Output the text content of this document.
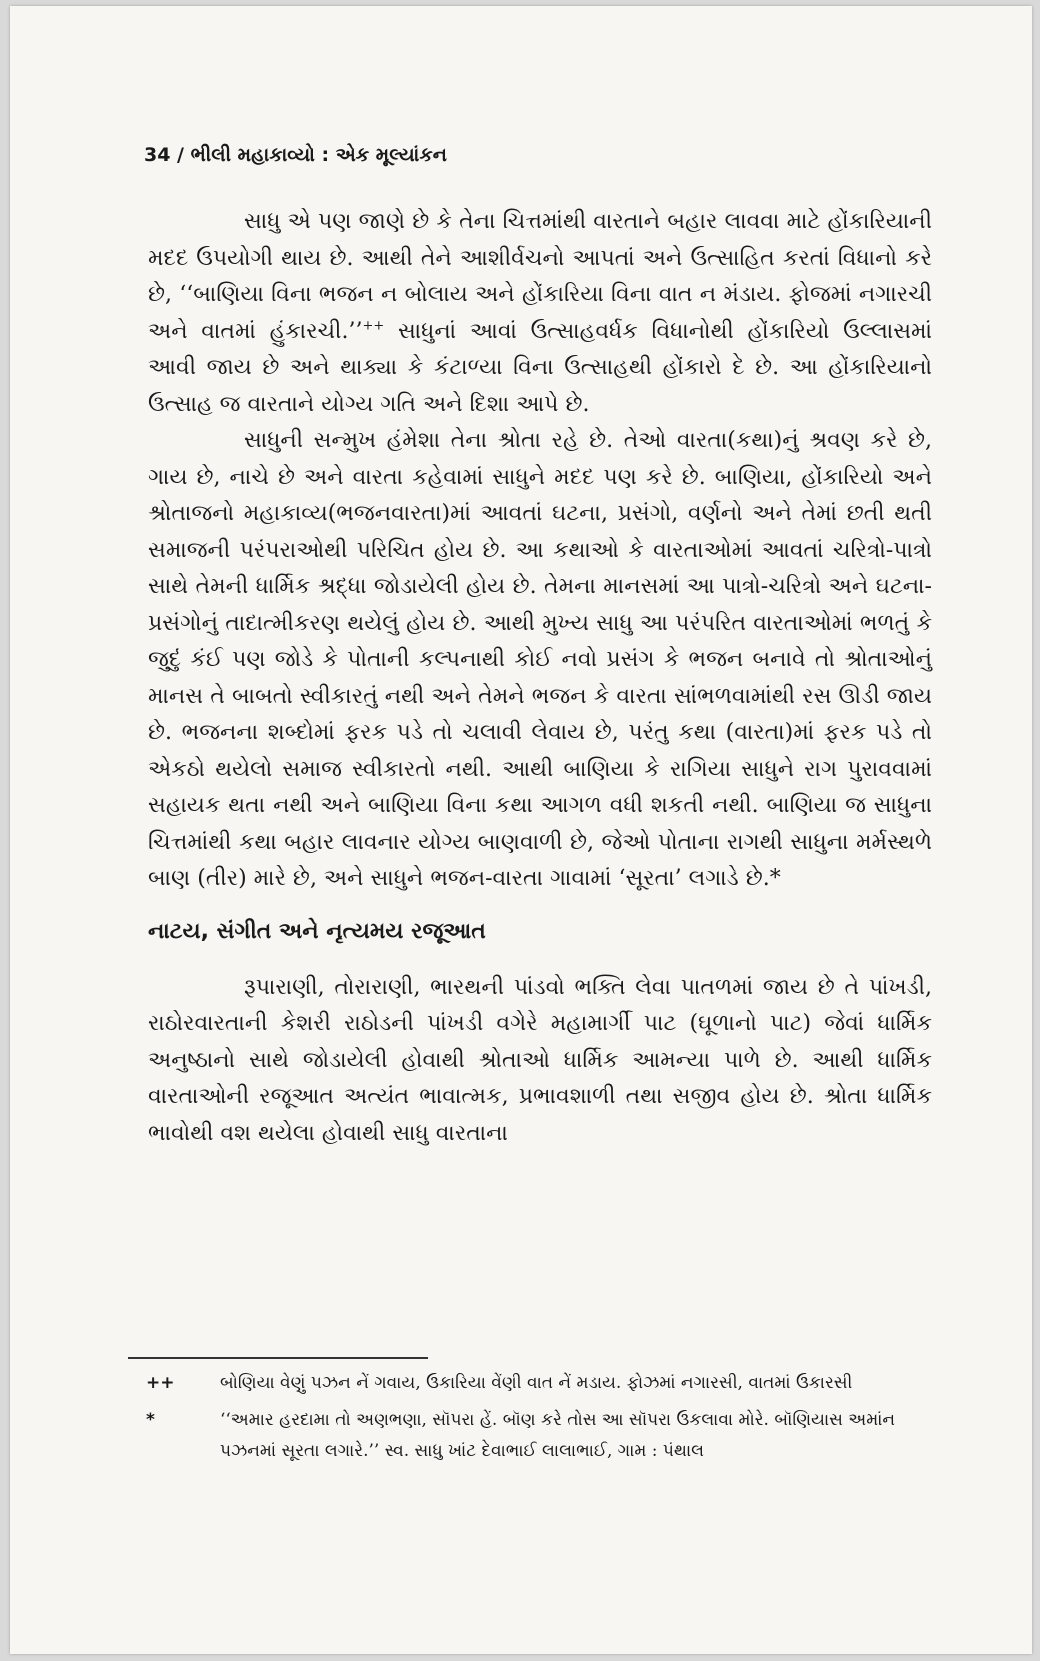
34 / ભીલી મહાકાવ્યો : એક મૂલ્યાંકન

સાધુ એ પણ જાણે છે કે તેના ચિત્તમાંથી વારતાને બહાર લાવવા માટે હોંકારિયાની મદદ ઉપયોગી થાય છે. આથી તેને આશીર્વચનો આપતાં અને ઉત્સાહિત કરતાં વિધાનો કરે છે, ‘‘બાણિયા વિના ભજન ન બોલાય અને હોંકારિયા વિના વાત ન મંડાય. ફોજમાં નગારચી અને વાતમાં હુંકારચી.’’++ સાધુનાં આવાં ઉત્સાહવર્ધક વિધાનોથી હોંકારિયો ઉલ્લાસમાં આવી જાય છે અને થાક્યા કે કંટાળ્યા વિના ઉત્સાહથી હોંકારો દે છે. આ હોંકારિયાનો ઉત્સાહ જ વારતાને યોગ્ય ગતિ અને દિશા આપે છે.

સાધુની સન્મુખ હંમેશા તેના શ્રોતા રહે છે. તેઓ વારતા(કથા)નું શ્રવણ કરે છે, ગાય છે, નાચે છે અને વારતા કહેવામાં સાધુને મદદ પણ કરે છે. બાણિયા, હોંકારિયો અને શ્રોતાજનો મહાકાવ્ય(ભજનવારતા)માં આવતાં ઘટના, પ્રસંગો, વર્ણનો અને તેમાં છતી થતી સમાજની પરંપરાઓથી પરિચિત હોય છે. આ કથાઓ કે વારતાઓમાં આવતાં ચરિત્રો-પાત્રો સાથે તેમની ધાર્મિક શ્રદ્ધા જોડાયેલી હોય છે. તેમના માનસમાં આ પાત્રો-ચરિત્રો અને ઘટના-પ્રસંગોનું તાદાત્મીકરણ થયેલું હોય છે. આથી મુખ્ય સાધુ આ પરંપરિત વારતાઓમાં ભળતું કે જુદું કંઈ પણ જોડે કે પોતાની કલ્પનાથી કોઈ નવો પ્રસંગ કે ભજન બનાવે તો શ્રોતાઓનું માનસ તે બાબતો સ્વીકારતું નથી અને તેમને ભજન કે વારતા સાંભળવામાંથી રસ ઊડી જાય છે. ભજનના શબ્દોમાં ફરક પડે તો ચલાવી લેવાય છે, પરંતુ કથા (વારતા)માં ફરક પડે તો એકઠો થયેલો સમાજ સ્વીકારતો નથી. આથી બાણિયા કે રાગિયા સાધુને રાગ પુરાવવામાં સહાયક થતા નથી અને બાણિયા વિના કથા આગળ વધી શકતી નથી. બાણિયા જ સાધુના ચિત્તમાંથી કથા બહાર લાવનાર યોગ્ય બાણવાળી છે, જેઓ પોતાના રાગથી સાધુના મર્મસ્થળે બાણ (તીર) મારે છે, અને સાધુને ભજન-વારતા ગાવામાં ‘સૂરતા’ લગાડે છે.*

નાટય, સંગીત અને નૃત્યમય રજૂઆત

રૂપારાણી, તોરારાણી, ભારથની પાંડવો ભક્તિ લેવા પાતળમાં જાય છે તે પાંખડી, રાઠોરવારતાની કેશરી રાઠોડની પાંખડી વગેરે મહામાર્ગી પાટ (ઘૂળાનો પાટ) જેવાં ધાર્મિક અનુષ્ઠાનો સાથે જોડાયેલી હોવાથી શ્રોતાઓ ધાર્મિક આમન્યા પાળે છે. આથી ધાર્મિક વારતાઓની રજૂઆત અત્યંત ભાવાત્મક, પ્રભાવશાળી તથા સજીવ હોય છે. શ્રોતા ધાર્મિક ભાવોથી વશ થયેલા હોવાથી સાધુ વારતાના

++	બોણિયા વેણું પઝન નેં ગવાય, ઉકારિયા વેંણી વાત નેં મડાય. ફોઝમાં નગારસી, વાતમાં ઉકારસી
*	‘‘અમાર હરદામા તો અણભણા, સૉપરા હેં. બૉણ કરે તોસ આ સૉપરા ઉકલાવા મોરે. બૉણિયાસ અમાંન પઝનમાં સૂરતા લગારે.’’ સ્વ. સાધુ ખાંટ દેવાભાઈ લાલાભાઈ, ગામ : પંથાલ
